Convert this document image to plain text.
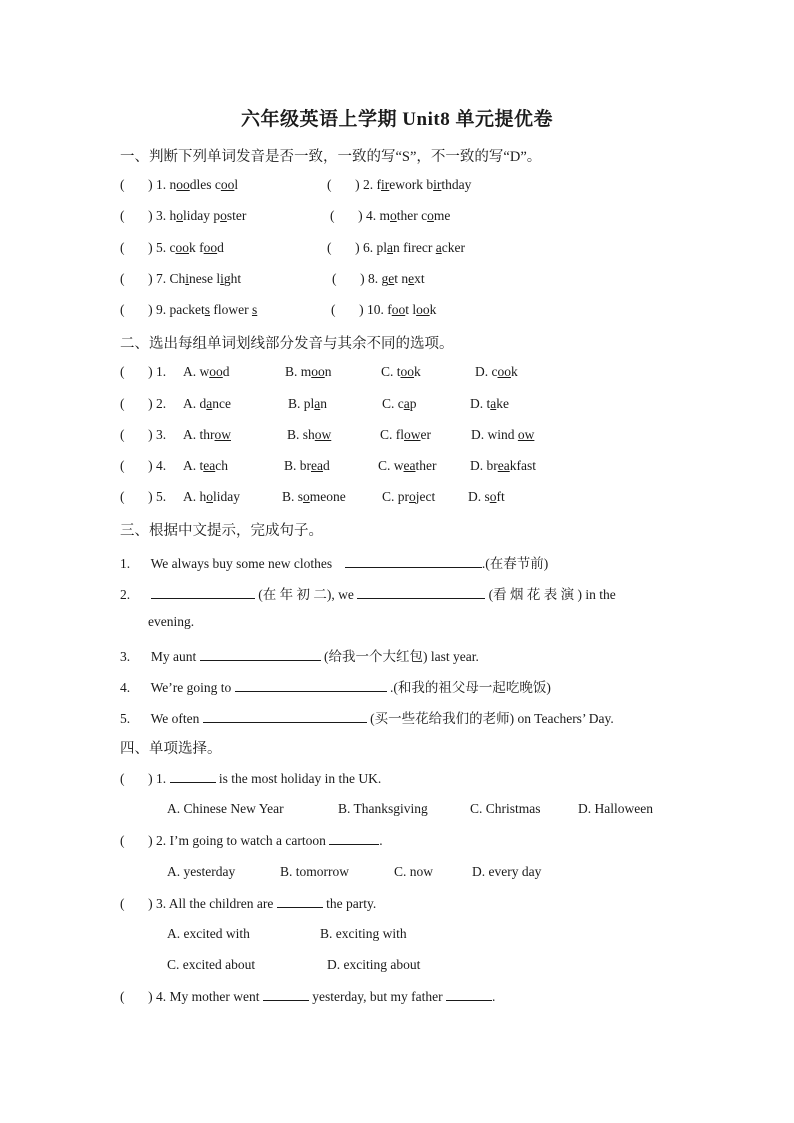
六年级英语上学期 Unit8 单元提优卷
一、判断下列单词发音是否一致，一致的写“S”，不一致的写“D”。
(       ) 1. noodles cool	(       ) 2. firework birthday
(       ) 3. holiday poster	(       ) 4. mother come
(       ) 5. cook food	(       ) 6. plan firecr acker
(       ) 7. Chinese light	(       ) 8. get next
(       ) 9. packets flower s	(       ) 10. foot look
二、选出每组单词划线部分发音与其余不同的选项。
(       ) 1. A. wood	B. moon	C. took	D. cook
(       ) 2. A. dance	B. plan	C. cap	D. take
(       ) 3. A. throw	B. show	C. flower	D. wind ow
(       ) 4. A. teach	B. bread	C. weather D. breakfast
(       ) 5. A. holiday	B. someone	C. project D. soft
三、根据中文提示，完成句子。
1. We always buy some new clothes	.(在春节前)
2.	(在 年 初 二), we	(看 烟 花 表 演 ) in the
evening.
3. My aunt	(给我一个大红包) last year.
4. We’re going to	.(和我的祖父母一起吃晚饭)
5. We often	(买一些花给我们的老师) on Teachers’ Day.
四、单项选择。
(       ) 1.	is the most holiday in the UK.
A. Chinese New Year	B. Thanksgiving	C. Christmas	D. Halloween
(       ) 2. I’m going to watch a cartoon	.
A. yesterday	B. tomorrow	C. now	D. every day
(       ) 3. All the children are	the party.
A. excited with	B. exciting with
C. excited about	D. exciting about
(       ) 4. My mother went	yesterday, but my father	.
